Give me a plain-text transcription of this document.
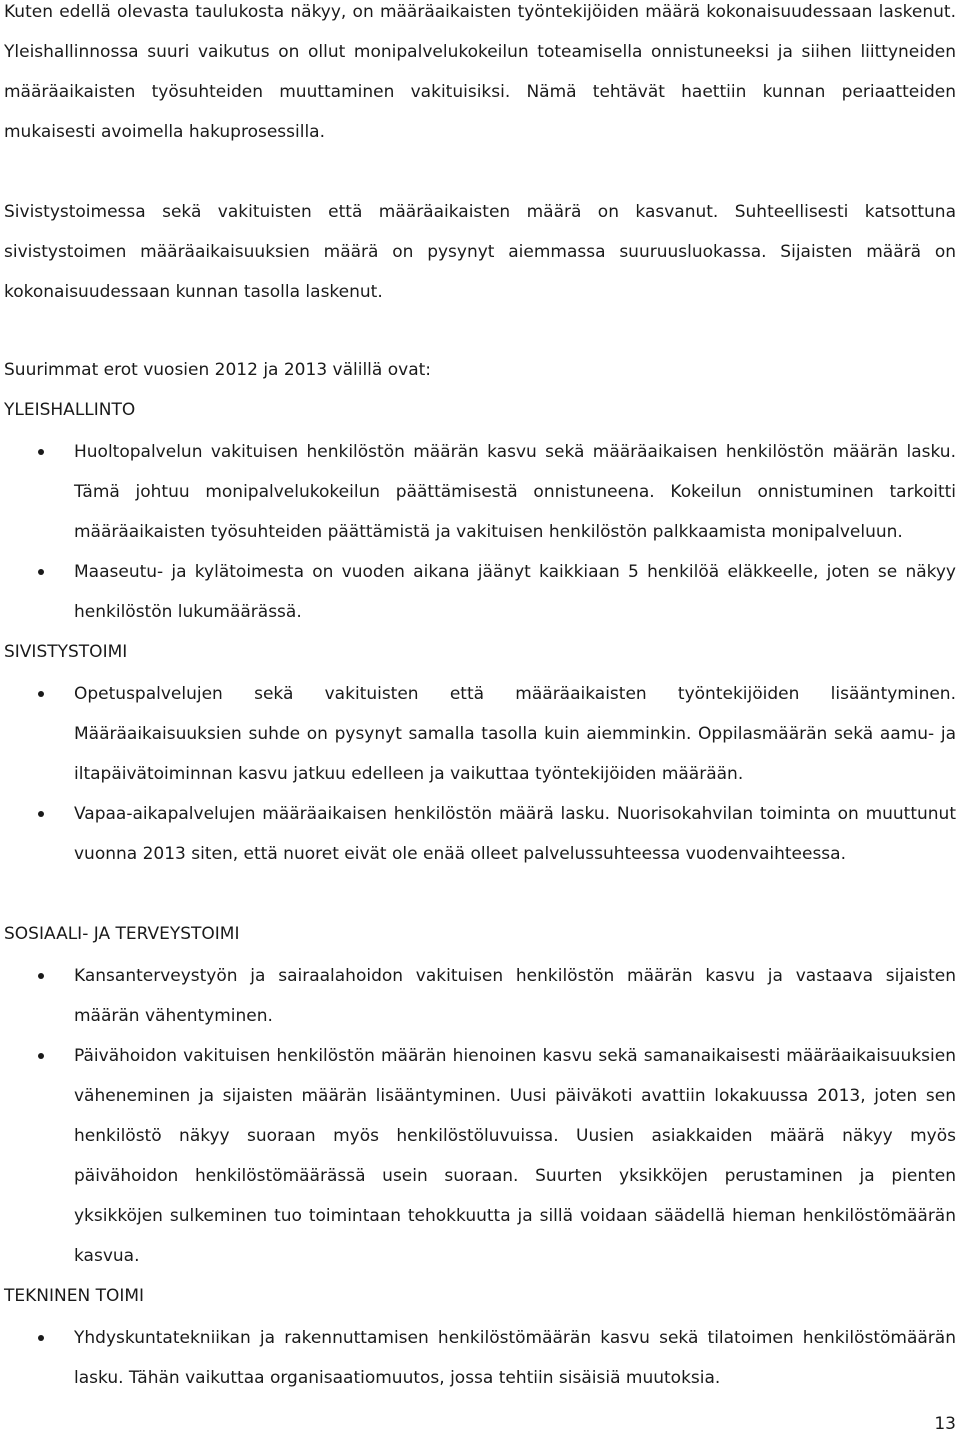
Kuten edellä olevasta taulukosta näkyy, on määräaikaisten työntekijöiden määrä kokonaisuudessaan laskenut. Yleishallinnossa suuri vaikutus on ollut monipalvelukokeilun toteamisella onnistuneeksi ja siihen liittyneiden määräaikaisten työsuhteiden muuttaminen vakituisiksi. Nämä tehtävät haettiin kunnan periaatteiden mukaisesti avoimella hakuprosessilla.

Sivistystoimessa sekä vakituisten että määräaikaisten määrä on kasvanut. Suhteellisesti katsottuna sivistystoimen määräaikaisuuksien määrä on pysynyt aiemmassa suuruusluokassa. Sijaisten määrä on kokonaisuudessaan kunnan tasolla laskenut.

Suurimmat erot vuosien 2012 ja 2013 välillä ovat:

YLEISHALLINTO
Huoltopalvelun vakituisen henkilöstön määrän kasvu sekä määräaikaisen henkilöstön määrän lasku. Tämä johtuu monipalvelukokeilun päättämisestä onnistuneena. Kokeilun onnistuminen tarkoitti määräaikaisten työsuhteiden päättämistä ja vakituisen henkilöstön palkkaamista monipalveluun.
Maaseutu- ja kylätoimesta on vuoden aikana jäänyt kaikkiaan 5 henkilöä eläkkeelle, joten se näkyy henkilöstön lukumäärässä.
SIVISTYSTOIMI
Opetuspalvelujen sekä vakituisten että määräaikaisten työntekijöiden lisääntyminen. Määräaikaisuuksien suhde on pysynyt samalla tasolla kuin aiemminkin. Oppilasmäärän sekä aamu- ja iltapäivätoiminnan kasvu jatkuu edelleen ja vaikuttaa työntekijöiden määrään.
Vapaa-aikapalvelujen määräaikaisen henkilöstön määrä lasku. Nuorisokahvilan toiminta on muuttunut vuonna 2013 siten, että nuoret eivät ole enää olleet palvelussuhteessa vuodenvaihteessa.
SOSIAALI- JA TERVEYSTOIMI
Kansanterveystyön ja sairaalahoidon vakituisen henkilöstön määrän kasvu ja vastaava sijaisten määrän vähentyminen.
Päivähoidon vakituisen henkilöstön määrän hienoinen kasvu sekä samanaikaisesti määräaikaisuuksien väheneminen ja sijaisten määrän lisääntyminen. Uusi päiväkoti avattiin lokakuussa 2013, joten sen henkilöstö näkyy suoraan myös henkilöstöluvuissa. Uusien asiakkaiden määrä näkyy myös päivähoidon henkilöstömäärässä usein suoraan. Suurten yksikköjen perustaminen ja pienten yksikköjen sulkeminen tuo toimintaan tehokkuutta ja sillä voidaan säädellä hieman henkilöstömäärän kasvua.
TEKNINEN TOIMI
Yhdyskuntatekniikan ja rakennuttamisen henkilöstömäärän kasvu sekä tilatoimen henkilöstömäärän lasku. Tähän vaikuttaa organisaatiomuutos, jossa tehtiin sisäisiä muutoksia.
13
